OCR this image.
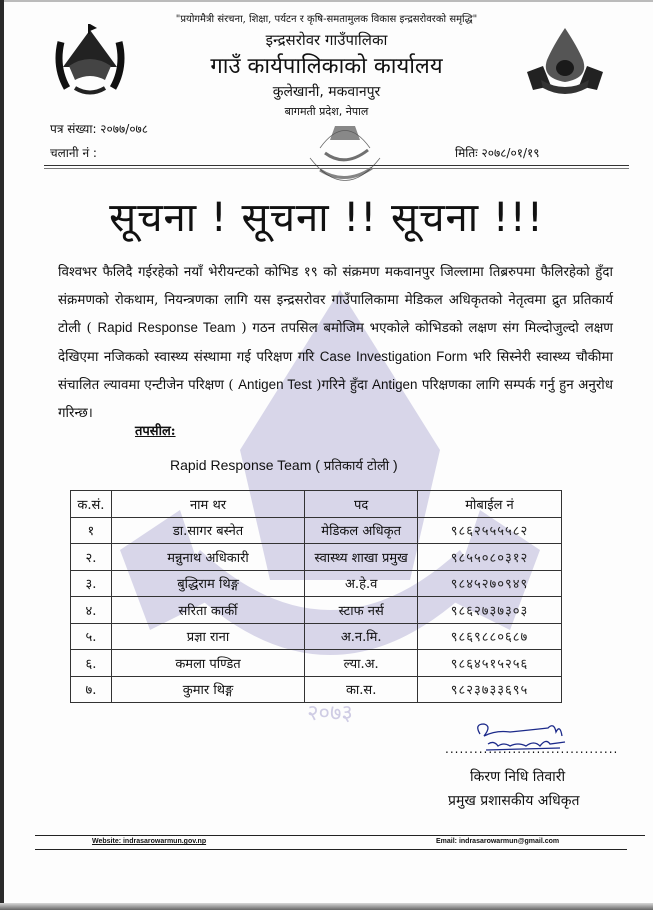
२०७३
"प्रयोगमैत्री संरचना, शिक्षा, पर्यटन र कृषि-समतामुलक विकास इन्द्रसरोवरको समृद्धि"
इन्द्रसरोवर गाउँपालिका
गाउँ कार्यपालिकाको कार्यालय
कुलेखानी, मकवानपुर
बागमती प्रदेश, नेपाल
पत्र संख्या: २०७७/०७८
चलानी नं :	मितिः २०७८/०१/१९
सूचना ! सूचना !! सूचना !!!
विश्वभर फैलिदै गईरहेको नयाँ भेरीयन्टको कोभिड १९ को संक्रमण मकवानपुर जिल्लामा तिब्ररुपमा फैलिरहेको हुँदा संक्रमणको रोकथाम, नियन्त्रणका लागि यस इन्द्रसरोवर गाउँपालिकामा मेडिकल अधिकृतको नेतृत्वमा द्रुत प्रतिकार्य टोली ( Rapid Response Team ) गठन तपसिल बमोजिम भएकोले कोभिडको लक्षण संग मिल्दोजुल्दो लक्षण देखिएमा नजिकको स्वास्थ्य संस्थामा गई परिक्षण गरि Case Investigation Form भरि सिस्नेरी स्वास्थ्य चौकीमा संचालित ल्यावमा एन्टीजेन परिक्षण ( Antigen Test )गरिने हुँदा Antigen परिक्षणका लागि सम्पर्क गर्नु हुन अनुरोध गरिन्छ।
तपसील:
Rapid Response Team ( प्रतिकार्य टोली )
क.सं.	नाम थर	पद	मोबाईल नं
१	डा.सागर बस्नेत	मेडिकल अधिकृत	९८६२५५५५८२
२.	मन्नुनाथ अधिकारी	स्वास्थ्य शाखा प्रमुख	९८५५०८०३१२
३.	बुद्धिराम थिङ्ग	अ.हे.व	९८४५२७०९४९
४.	सरिता कार्की	स्टाफ नर्स	९८६२७३७३०३
५.	प्रज्ञा राना	अ.न.मि.	९८६९८८०६८७
६.	कमला पण्डित	ल्या.अ.	९८६४५१५२५६
७.	कुमार थिङ्ग	का.स.	९८२३७३३६९५
....................................
किरण निधि तिवारी
प्रमुख प्रशासकीय अधिकृत
Website: indrasarowarmun.gov.np	Email: indrasarowarmun@gmail.com
